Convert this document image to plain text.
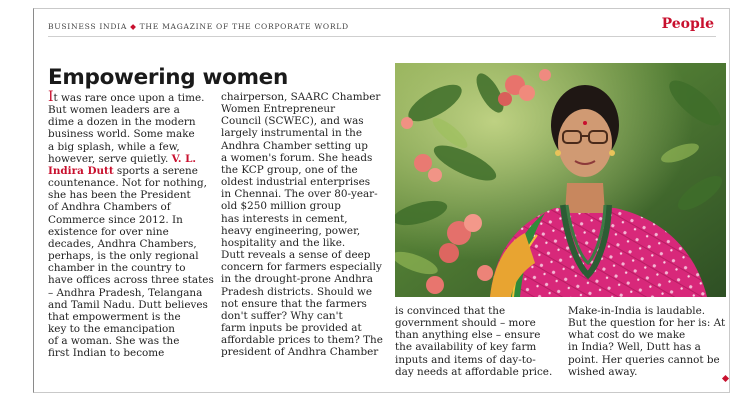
BUSINESS INDIA ◆ THE MAGAZINE OF THE CORPORATE WORLD	People
Empowering women
It was rare once upon a time.
But women leaders are a
dime a dozen in the modern
business world. Some make
a big splash, while a few,
however, serve quietly. V. L.
Indira Dutt sports a serene
countenance. Not for nothing,
she has been the President
of Andhra Chambers of
Commerce since 2012. In
existence for over nine
decades, Andhra Chambers,
perhaps, is the only regional
chamber in the country to
have offices across three states
– Andhra Pradesh, Telangana
and Tamil Nadu. Dutt believes
that empowerment is the
key to the emancipation
of a woman. She was the
first Indian to become
chairperson, SAARC Chamber
Women Entrepreneur
Council (SCWEC), and was
largely instrumental in the
Andhra Chamber setting up
a women's forum. She heads
the KCP group, one of the
oldest industrial enterprises
in Chennai. The over 80-year-
old $250 million group
has interests in cement,
heavy engineering, power,
hospitality and the like.
Dutt reveals a sense of deep
concern for farmers especially
in the drought-prone Andhra
Pradesh districts. Should we
not ensure that the farmers
don't suffer? Why can't
farm inputs be provided at
affordable prices to them? The
president of Andhra Chamber
is convinced that the
government should – more
than anything else – ensure
the availability of key farm
inputs and items of day-to-
day needs at affordable price.
Make-in-India is laudable.
But the question for her is: At
what cost do we make
in India? Well, Dutt has a
point. Her queries cannot be
wished away.
